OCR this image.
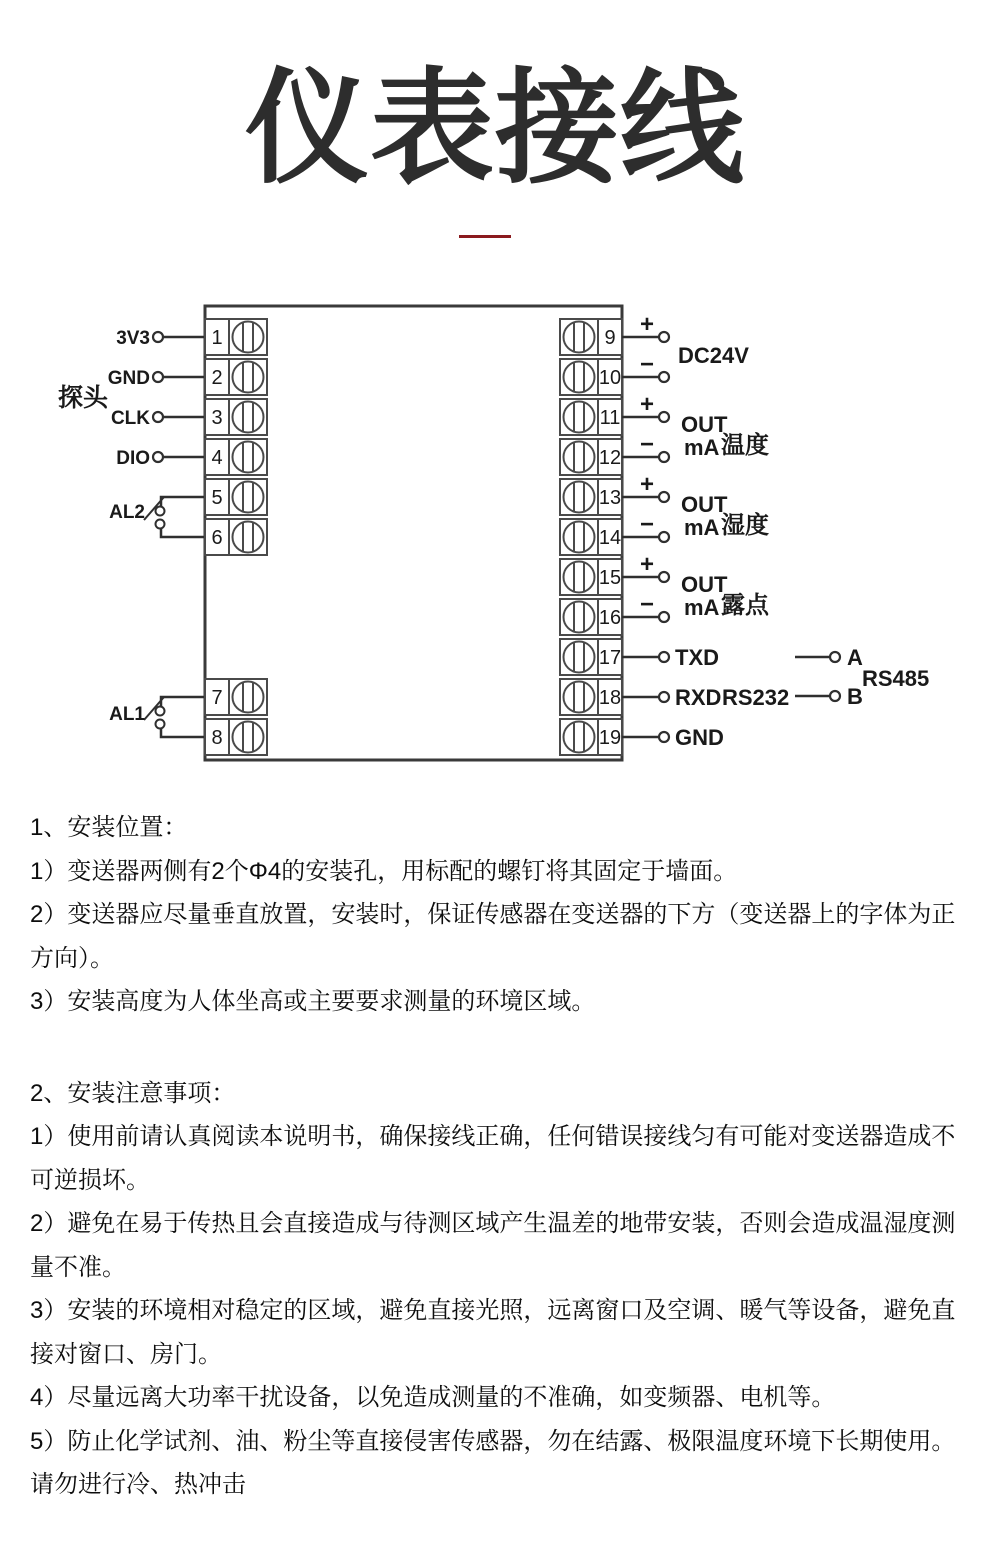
仪表接线
3V3
GND
CLK
DIO
探头
AL2
AL1
1
2
3
4
5
6
7
8
9
10
11
12
13
14
15
16
17
18
19
+
−
+
−
+
−
+
−
DC24V
OUT
mA 温度
OUT
mA 湿度
OUT
mA 露点
TXD
RXD RS232
GND
A
B
RS485

1、安装位置：

1）变送器两侧有2个Φ4的安装孔，用标配的螺钉将其固定于墙面。

2）变送器应尽量垂直放置，安装时，保证传感器在变送器的下方（变送器上的字体为正方向）。

3）安装高度为人体坐高或主要要求测量的环境区域。

2、安装注意事项：

1）使用前请认真阅读本说明书，确保接线正确，任何错误接线匀有可能对变送器造成不可逆损坏。

2）避免在易于传热且会直接造成与待测区域产生温差的地带安装，否则会造成温湿度测量不准。

3）安装的环境相对稳定的区域，避免直接光照，远离窗口及空调、暖气等设备，避免直接对窗口、房门。

4）尽量远离大功率干扰设备，以免造成测量的不准确，如变频器、电机等。

5）防止化学试剂、油、粉尘等直接侵害传感器，勿在结露、极限温度环境下长期使用。请勿进行冷、热冲击
